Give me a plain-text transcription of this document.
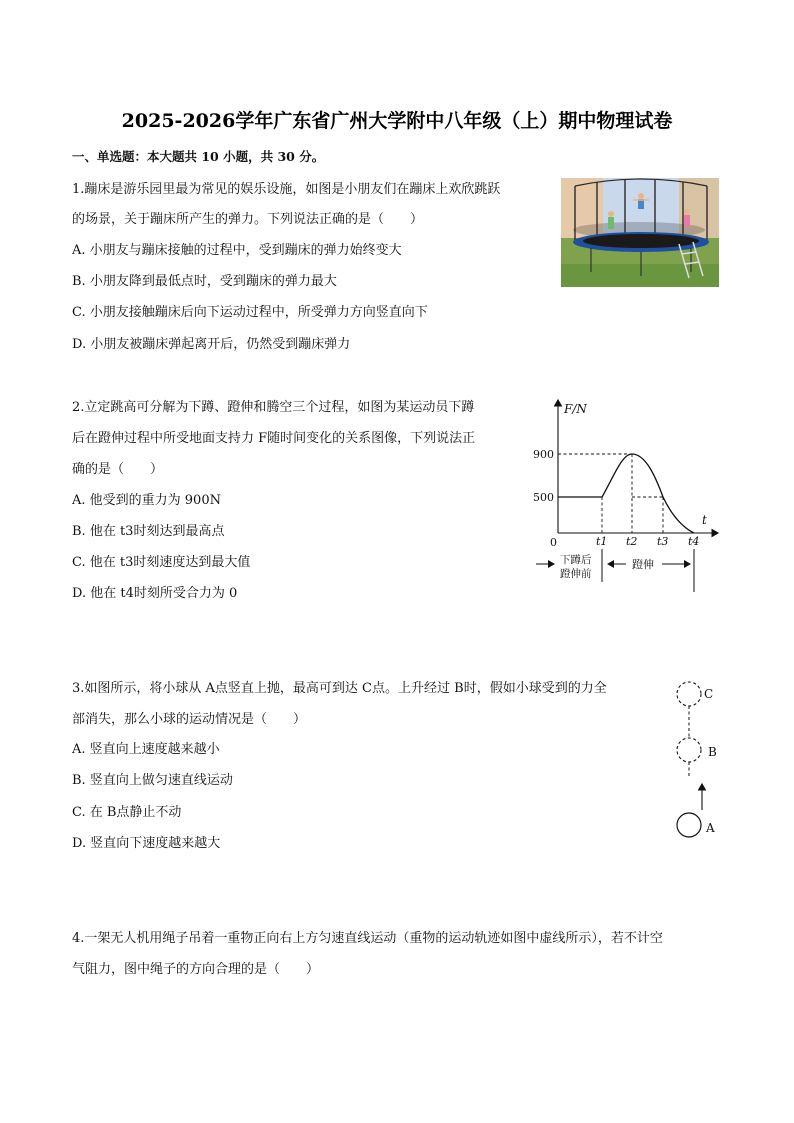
2025-2026学年广东省广州大学附中八年级（上）期中物理试卷
一、单选题：本大题共 10 小题，共 30 分。
1.蹦床是游乐园里最为常见的娱乐设施，如图是小朋友们在蹦床上欢欣跳跃
的场景，关于蹦床所产生的弹力。下列说法正确的是（　　）
A. 小朋友与蹦床接触的过程中，受到蹦床的弹力始终变大
B. 小朋友降到最低点时，受到蹦床的弹力最大
C. 小朋友接触蹦床后向下运动过程中，所受弹力方向竖直向下
D. 小朋友被蹦床弹起离开后，仍然受到蹦床弹力
2.立定跳高可分解为下蹲、蹬伸和腾空三个过程，如图为某运动员下蹲
后在蹬伸过程中所受地面支持力 F随时间变化的关系图像，下列说法正
确的是（　　）
A. 他受到的重力为 900N
B. 他在 t3时刻达到最高点
C. 他在 t3时刻速度达到最大值
D. 他在 t4时刻所受合力为 0
F/N
t
0
900
500
t1 t2 t3 t4
下蹲后
蹬伸前
蹬伸
3.如图所示，将小球从 A点竖直上抛，最高可到达 C点。上升经过 B时，假如小球受到的力全
部消失，那么小球的运动情况是（　　）
A. 竖直向上速度越来越小
B. 竖直向上做匀速直线运动
C. 在 B点静止不动
D. 竖直向下速度越来越大
C
B
A
4.一架无人机用绳子吊着一重物正向右上方匀速直线运动（重物的运动轨迹如图中虚线所示），若不计空
气阻力，图中绳子的方向合理的是（　　）
